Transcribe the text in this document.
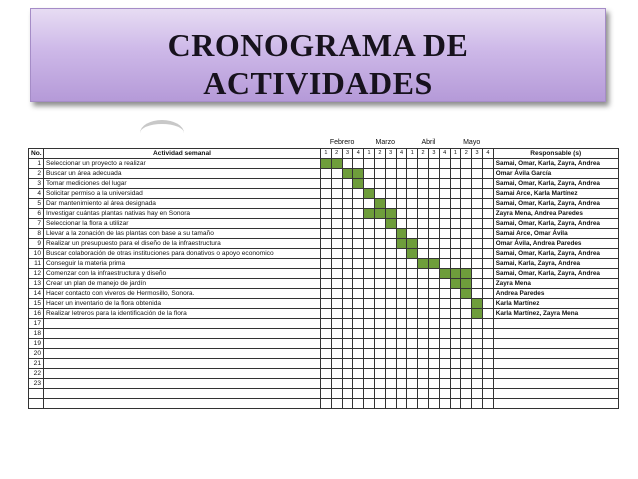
CRONOGRAMA DE
ACTIVIDADES
		Febrero				Marzo				Abril				Mayo				
No.	Actividad semanal	1	2	3	4	1	2	3	4	1	2	3	4	1	2	3	4	Responsable (s)
1	Seleccionar un proyecto a realizar																	Samai, Omar, Karla, Zayra, Andrea
2	Buscar un área adecuada																	Omar Ávila García
3	Tomar mediciones del lugar																	Samai, Omar, Karla, Zayra, Andrea
4	Solicitar permiso a la universidad																	Samai Arce, Karla Martínez
5	Dar mantenimiento al área designada																	Samai, Omar, Karla, Zayra, Andrea
6	Investigar cuántas plantas nativas hay en Sonora																	Zayra Mena, Andrea Paredes
7	Seleccionar la flora a utilizar																	Samai, Omar, Karla, Zayra, Andrea
8	Llevar a la zonación de las plantas con base a su tamaño																	Samai Arce, Omar Ávila
9	Realizar un presupuesto para el diseño de la infraestructura																	Omar Ávila, Andrea Paredes
10	Buscar colaboración de otras instituciones para donativos o apoyo economico																	Samai, Omar, Karla, Zayra, Andrea
11	Conseguir la materia prima																	Samai, Karla, Zayra, Andrea
12	Comenzar con la infraestructura y diseño																	Samai, Omar, Karla, Zayra, Andrea
13	Crear un plan de manejo de jardín																	Zayra Mena
14	Hacer contacto con viveros de Hermosillo, Sonora.																	Andrea Paredes
15	Hacer un inventario de la flora obtenida																	Karla Martínez
16	Realizar letreros para la identificación de la flora																	Karla Martínez, Zayra Mena
17																		
18																		
19																		
20																		
21																		
22																		
23																		
